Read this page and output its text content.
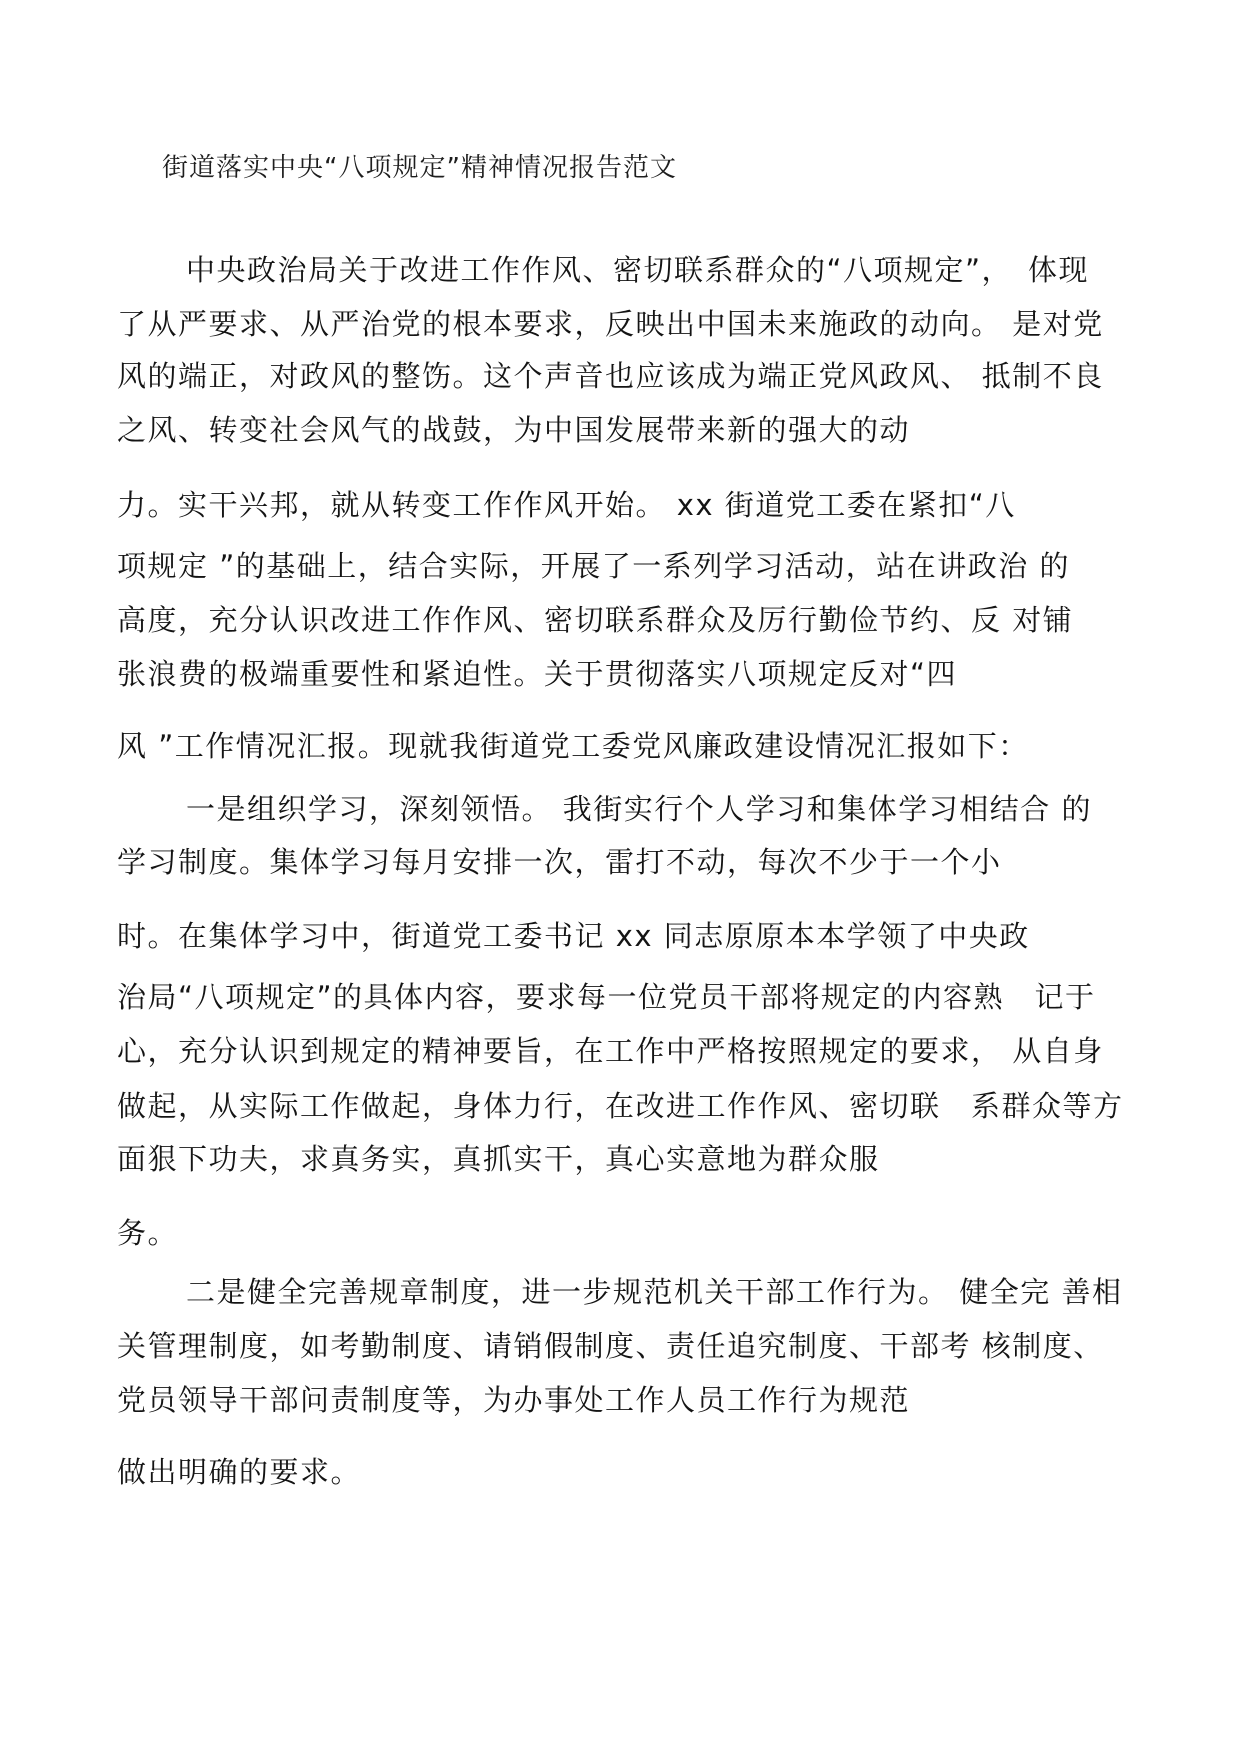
街道落实中央“八项规定”精神情况报告范文
中央政治局关于改进工作作风、密切联系群众的“八项规定”，　体现
了从严要求、从严治党的根本要求，反映出中国未来施政的动向。 是对党
风的端正，对政风的整饬。这个声音也应该成为端正党风政风、 抵制不良
之风、转变社会风气的战鼓，为中国发展带来新的强大的动
力。实干兴邦，就从转变工作作风开始。 xx 街道党工委在紧扣“八
项规定 ”的基础上，结合实际，开展了一系列学习活动，站在讲政治 的
高度，充分认识改进工作作风、密切联系群众及厉行勤俭节约、反 对铺
张浪费的极端重要性和紧迫性。关于贯彻落实八项规定反对“四
风 ”工作情况汇报。现就我街道党工委党风廉政建设情况汇报如下：
一是组织学习，深刻领悟。 我街实行个人学习和集体学习相结合 的
学习制度。集体学习每月安排一次，雷打不动，每次不少于一个小
时。在集体学习中，街道党工委书记 xx 同志原原本本学领了中央政
治局“八项规定”的具体内容，要求每一位党员干部将规定的内容熟　记于
心，充分认识到规定的精神要旨，在工作中严格按照规定的要求， 从自身
做起，从实际工作做起，身体力行，在改进工作作风、密切联　系群众等方
面狠下功夫，求真务实，真抓实干，真心实意地为群众服
务。
二是健全完善规章制度，进一步规范机关干部工作行为。 健全完 善相
关管理制度，如考勤制度、请销假制度、责任追究制度、干部考 核制度、
党员领导干部问责制度等，为办事处工作人员工作行为规范
做出明确的要求。
